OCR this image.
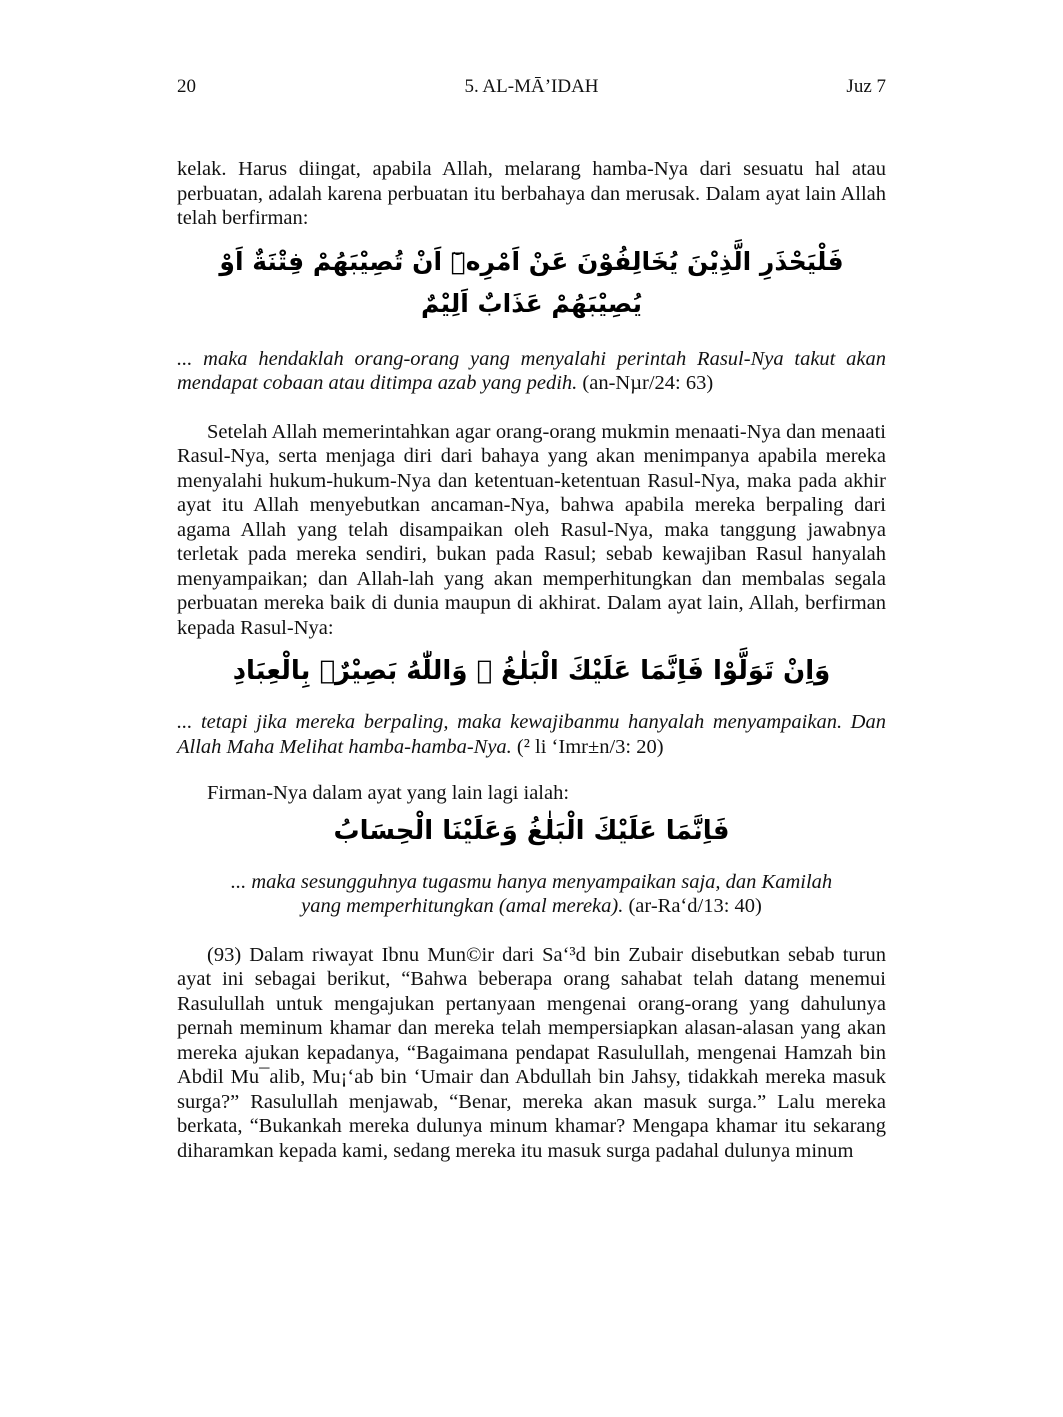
20	5. AL-MĀ’IDAH	Juz 7

kelak. Harus diingat, apabila Allah, melarang hamba-Nya dari sesuatu hal atau perbuatan, adalah karena perbuatan itu berbahaya dan merusak. Dalam ayat lain Allah telah berfirman:

فَلْيَحْذَرِ الَّذِيْنَ يُخَالِفُوْنَ عَنْ اَمْرِهٖٓ اَنْ تُصِيْبَهُمْ فِتْنَةٌ اَوْ يُصِيْبَهُمْ عَذَابٌ اَلِيْمٌ

... maka hendaklah orang-orang yang menyalahi perintah Rasul-Nya takut akan mendapat cobaan atau ditimpa azab yang pedih. (an-Nµr/24: 63)

Setelah Allah memerintahkan agar orang-orang mukmin menaati-Nya dan menaati Rasul-Nya, serta menjaga diri dari bahaya yang akan menimpanya apabila mereka menyalahi hukum-hukum-Nya dan ketentuan-ketentuan Rasul-Nya, maka pada akhir ayat itu Allah menyebutkan ancaman-Nya, bahwa apabila mereka berpaling dari agama Allah yang telah disampaikan oleh Rasul-Nya, maka tanggung jawabnya terletak pada mereka sendiri, bukan pada Rasul; sebab kewajiban Rasul hanyalah menyampaikan; dan Allah-lah yang akan memperhitungkan dan membalas segala perbuatan mereka baik di dunia maupun di akhirat. Dalam ayat lain, Allah, berfirman kepada Rasul-Nya:

وَاِنْ تَوَلَّوْا فَاِنَّمَا عَلَيْكَ الْبَلٰغُ ۗ وَاللّٰهُ بَصِيْرٌۢ بِالْعِبَادِ

... tetapi jika mereka berpaling, maka kewajibanmu hanyalah menyampaikan. Dan Allah Maha Melihat hamba-hamba-Nya. (² li ‘Imr±n/3: 20)

Firman-Nya dalam ayat yang lain lagi ialah:

فَاِنَّمَا عَلَيْكَ الْبَلٰغُ وَعَلَيْنَا الْحِسَابُ

... maka sesungguhnya tugasmu hanya menyampaikan saja, dan Kamilah

yang memperhitungkan (amal mereka). (ar-Ra‘d/13: 40)

(93) Dalam riwayat Ibnu Mun©ir dari Sa‘³d bin Zubair disebutkan sebab turun ayat ini sebagai berikut, “Bahwa beberapa orang sahabat telah datang menemui Rasulullah untuk mengajukan pertanyaan mengenai orang-orang yang dahulunya pernah meminum khamar dan mereka telah mempersiapkan alasan-alasan yang akan mereka ajukan kepadanya, “Bagaimana pendapat Rasulullah, mengenai Hamzah bin Abdil Mu¯alib, Mu¡‘ab bin ‘Umair dan Abdullah bin Jahsy, tidakkah mereka masuk surga?” Rasulullah menjawab, “Benar, mereka akan masuk surga.” Lalu mereka berkata, “Bukankah mereka dulunya minum khamar? Mengapa khamar itu sekarang diharamkan kepada kami, sedang mereka itu masuk surga padahal dulunya minum
